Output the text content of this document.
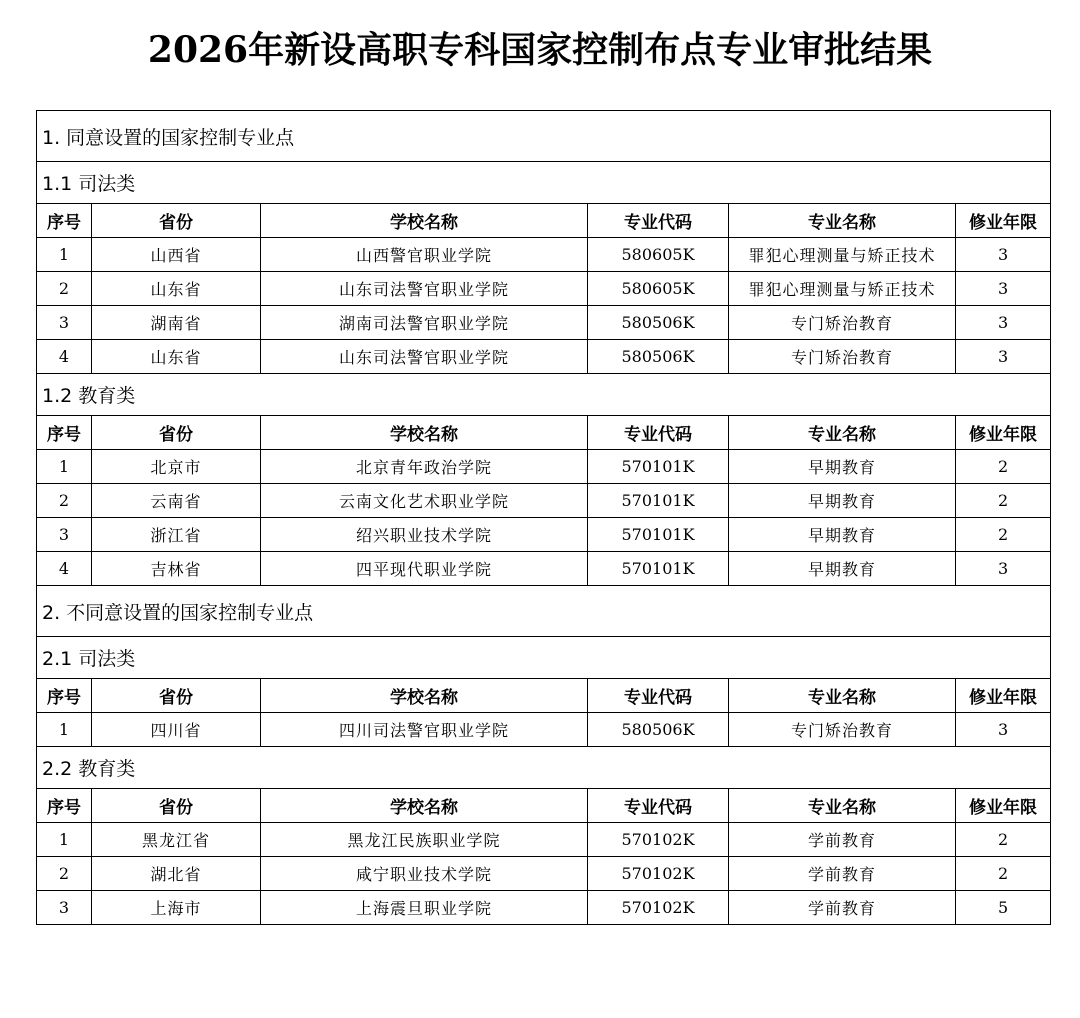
2026年新设高职专科国家控制布点专业审批结果
1. 同意设置的国家控制专业点					
1.1 司法类					
序号	省份	学校名称	专业代码	专业名称	修业年限
1	山西省	山西警官职业学院	580605K	罪犯心理测量与矫正技术	3
2	山东省	山东司法警官职业学院	580605K	罪犯心理测量与矫正技术	3
3	湖南省	湖南司法警官职业学院	580506K	专门矫治教育	3
4	山东省	山东司法警官职业学院	580506K	专门矫治教育	3
1.2 教育类					
序号	省份	学校名称	专业代码	专业名称	修业年限
1	北京市	北京青年政治学院	570101K	早期教育	2
2	云南省	云南文化艺术职业学院	570101K	早期教育	2
3	浙江省	绍兴职业技术学院	570101K	早期教育	2
4	吉林省	四平现代职业学院	570101K	早期教育	3
2. 不同意设置的国家控制专业点					
2.1 司法类					
序号	省份	学校名称	专业代码	专业名称	修业年限
1	四川省	四川司法警官职业学院	580506K	专门矫治教育	3
2.2 教育类					
序号	省份	学校名称	专业代码	专业名称	修业年限
1	黑龙江省	黑龙江民族职业学院	570102K	学前教育	2
2	湖北省	咸宁职业技术学院	570102K	学前教育	2
3	上海市	上海震旦职业学院	570102K	学前教育	5
